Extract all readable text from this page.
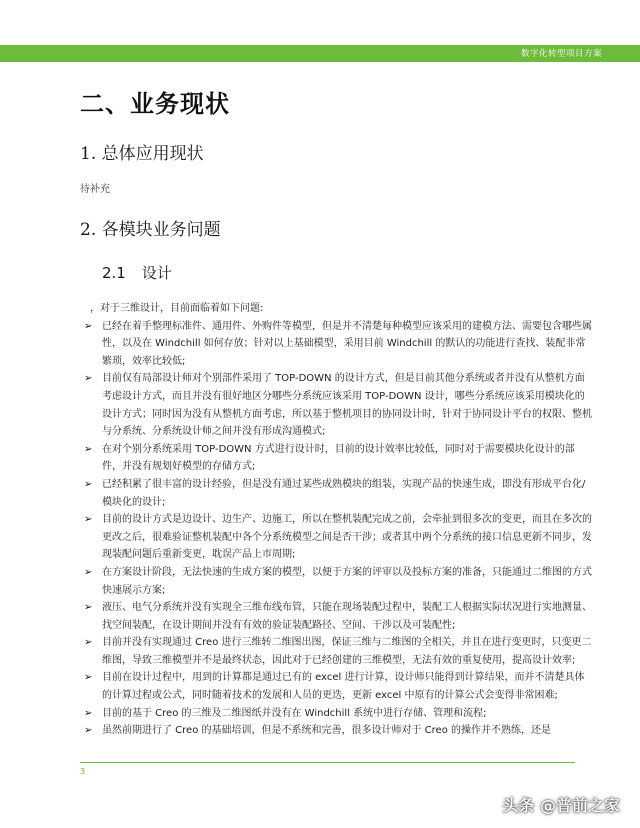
数字化转型项目方案
二、业务现状
1. 总体应用现状
待补充
2. 各模块业务问题
2.1 设计
，对于三维设计，目前面临着如下问题:
➢ 已经在着手整理标准件、通用件、外购件等模型，但是并不清楚每种模型应该采用的建模方法、需要包含哪些属性，以及在 Windchill 如何存放；针对以上基础模型，采用目前 Windchill 的默认的功能进行查找、装配非常繁琐，效率比较低;
➢ 目前仅有局部设计师对个别部件采用了 TOP-DOWN 的设计方式，但是目前其他分系统或者并没有从整机方面考虑设计方式，而且并没有很好地区分哪些分系统应该采用 TOP-DOWN 设计，哪些分系统应该采用模块化的设计方式；同时因为没有从整机方面考虑，所以基于整机项目的协同设计时，针对于协同设计平台的权限、整机与分系统、分系统设计师之间并没有形成沟通模式;
➢ 在对个别分系统采用 TOP-DOWN 方式进行设计时，目前的设计效率比较低，同时对于需要模块化设计的部件，并没有规划好模型的存储方式;
➢ 已经积累了很丰富的设计经验，但是没有通过某些成熟模块的组装，实现产品的快速生成，即没有形成平台化/模块化的设计;
➢ 目前的设计方式是边设计、边生产、边施工，所以在整机装配完成之前，会牵扯到很多次的变更，而且在多次的更改之后，很难验证整机装配中各个分系统模型之间是否干涉；或者其中两个分系统的接口信息更新不同步，发现装配问题后重新变更，耽误产品上市周期;
➢ 在方案设计阶段，无法快速的生成方案的模型，以便于方案的评审以及投标方案的准备，只能通过二维图的方式快速展示方案;
➢ 液压、电气分系统并没有实现全三维布线布管，只能在现场装配过程中，装配工人根据实际状况进行实地测量、找空间装配，在设计期间并没有有效的验证装配路径、空间、干涉以及可装配性;
➢ 目前并没有实现通过 Creo 进行三维转二维图出图，保证三维与二维图的全相关，并且在进行变更时，只变更二维图，导致三维模型并不是最终状态，因此对于已经创建的三维模型，无法有效的重复使用，提高设计效率;
➢ 目前在设计过程中，用到的计算都是通过已有的 excel 进行计算，设计师只能得到计算结果，而并不清楚具体的计算过程或公式，同时随着技术的发展和人员的更迭，更新 excel 中原有的计算公式会变得非常困难;
➢ 目前的基于 Creo 的三维及二维图纸并没有在 Windchill 系统中进行存储、管理和流程;
➢ 虽然前期进行了 Creo 的基础培训，但是不系统和完善，很多设计师对于 Creo 的操作并不熟练，还是
3
头条 @普前之家
